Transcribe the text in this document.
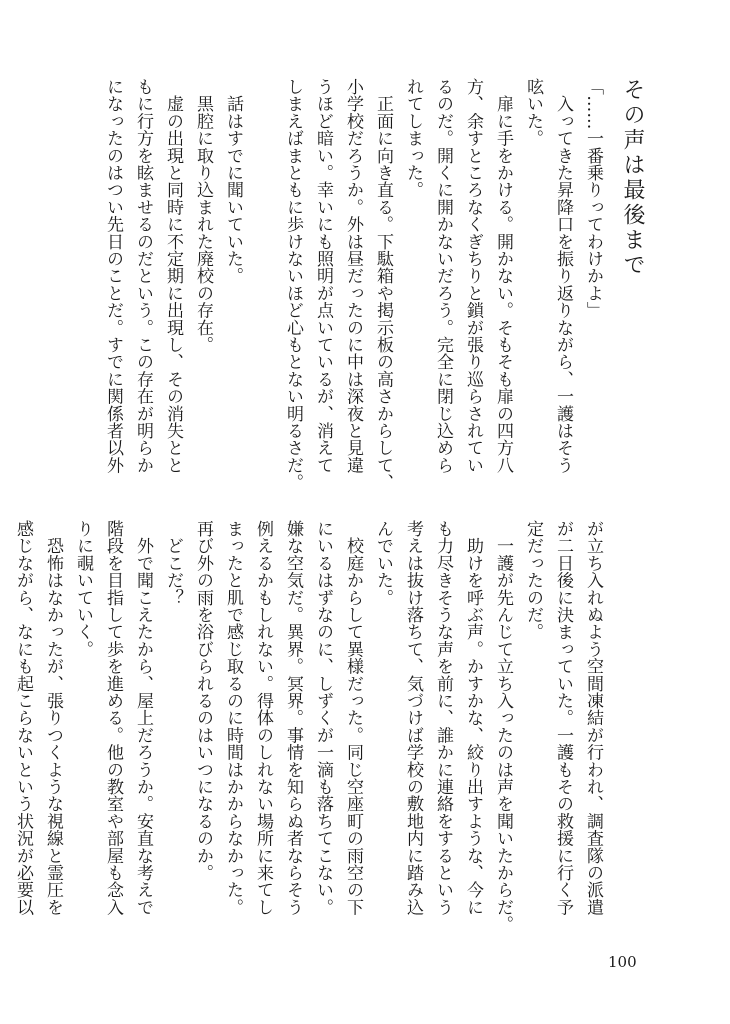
その声は最後まで

「……一番乗りってわけかよ」

　入ってきた昇降口を振り返りながら、一護はそう

呟いた。

　扉に手をかける。開かない。そもそも扉の四方八

方、余すところなくぎちりと鎖が張り巡らされてい

るのだ。開くに開かないだろう。完全に閉じ込めら

れてしまった。

　正面に向き直る。下駄箱や掲示板の高さからして、

小学校だろうか。外は昼だったのに中は深夜と見違

うほど暗い。幸いにも照明が点いているが、消えて

しまえばまともに歩けないほど心もとない明るさだ。

　話はすでに聞いていた。

　黒腔に取り込まれた廃校の存在。

　虚の出現と同時に不定期に出現し、その消失とと

もに行方を眩ませるのだという。この存在が明らか

になったのはつい先日のことだ。すでに関係者以外

が立ち入れぬよう空間凍結が行われ、調査隊の派遣

が二日後に決まっていた。一護もその救援に行く予

定だったのだ。

　一護が先んじて立ち入ったのは声を聞いたからだ。

　助けを呼ぶ声。かすかな、絞り出すような、今に

も力尽きそうな声を前に、誰かに連絡をするという

考えは抜け落ちて、気づけば学校の敷地内に踏み込

んでいた。

　校庭からして異様だった。同じ空座町の雨空の下

にいるはずなのに、しずくが一滴も落ちてこない。

嫌な空気だ。異界。冥界。事情を知らぬ者ならそう

例えるかもしれない。得体のしれない場所に来てし

まったと肌で感じ取るのに時間はかからなかった。

再び外の雨を浴びられるのはいつになるのか。

　どこだ？

　外で聞こえたから、屋上だろうか。安直な考えで

階段を目指して歩を進める。他の教室や部屋も念入

りに覗いていく。

　恐怖はなかったが、張りつくような視線と霊圧を

感じながら、なにも起こらないという状況が必要以

100
